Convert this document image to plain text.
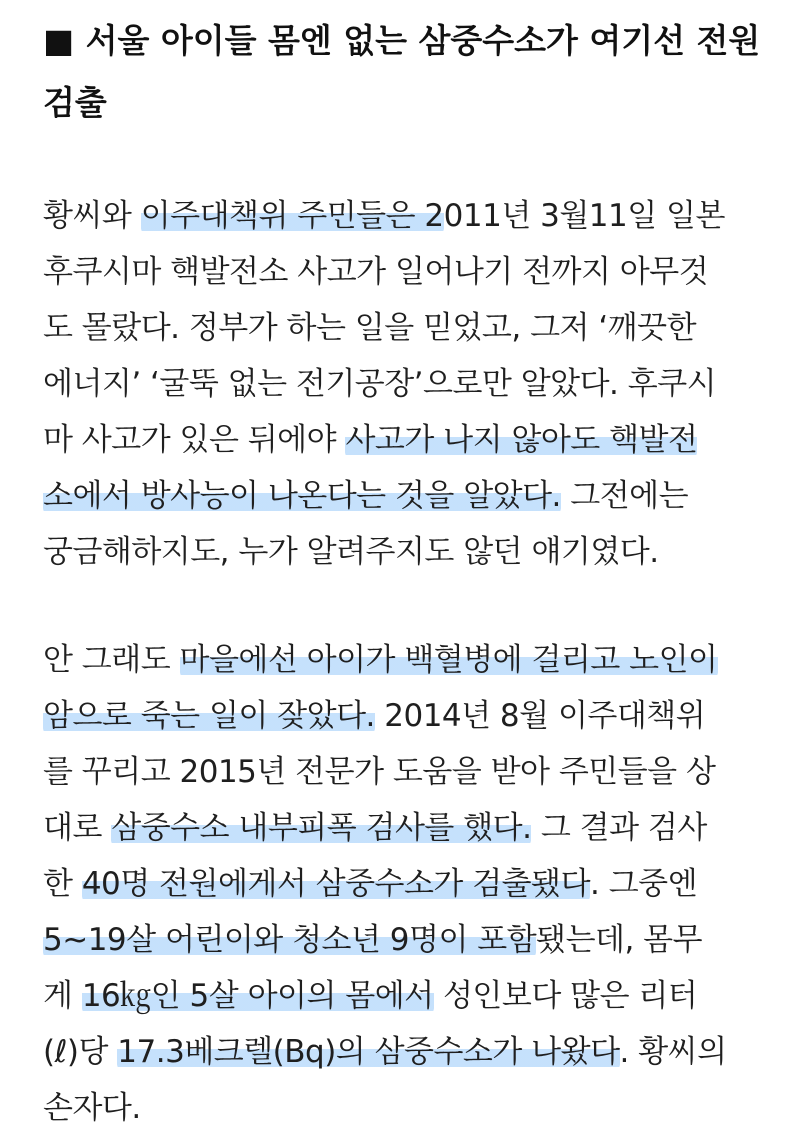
■ 서울 아이들 몸엔 없는 삼중수소가 여기선 전원
검출
황씨와 이주대책위 주민들은 2011년 3월11일 일본
후쿠시마 핵발전소 사고가 일어나기 전까지 아무것
도 몰랐다. 정부가 하는 일을 믿었고, 그저 ‘깨끗한
에너지’ ‘굴뚝 없는 전기공장’으로만 알았다. 후쿠시
마 사고가 있은 뒤에야 사고가 나지 않아도 핵발전
소에서 방사능이 나온다는 것을 알았다. 그전에는
궁금해하지도, 누가 알려주지도 않던 얘기였다.
안 그래도 마을에선 아이가 백혈병에 걸리고 노인이
암으로 죽는 일이 잦았다. 2014년 8월 이주대책위
를 꾸리고 2015년 전문가 도움을 받아 주민들을 상
대로 삼중수소 내부피폭 검사를 했다. 그 결과 검사
한 40명 전원에게서 삼중수소가 검출됐다. 그중엔
5~19살 어린이와 청소년 9명이 포함됐는데, 몸무
게 16㎏인 5살 아이의 몸에서 성인보다 많은 리터
(ℓ)당 17.3베크렐(Bq)의 삼중수소가 나왔다. 황씨의
손자다.
